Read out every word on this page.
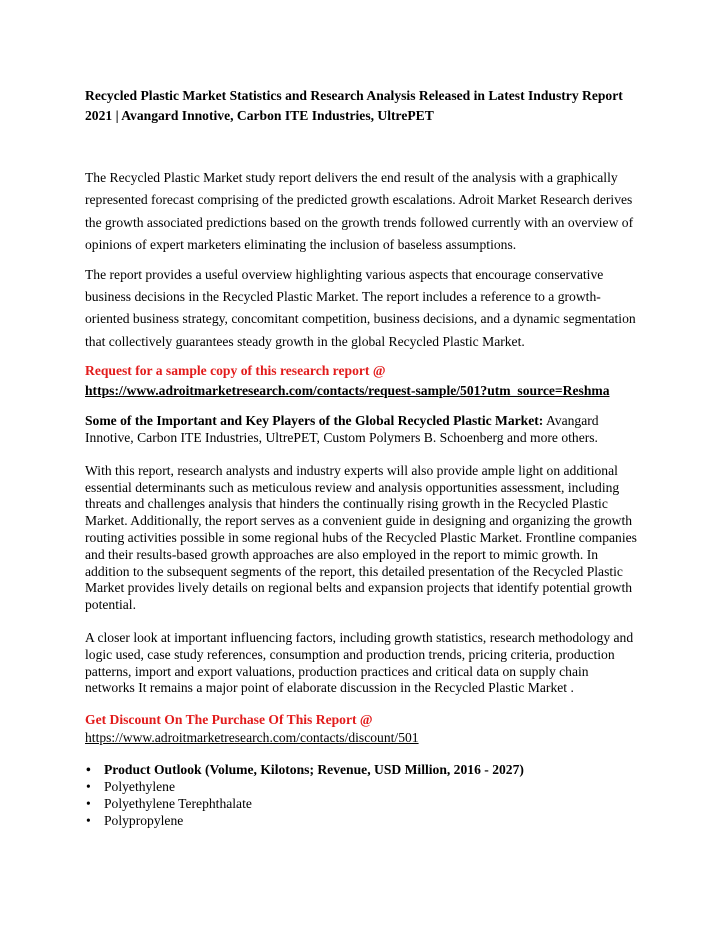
Recycled Plastic Market Statistics and Research Analysis Released in Latest Industry Report 2021 | Avangard Innotive, Carbon ITE Industries, UltrePET

The Recycled Plastic Market study report delivers the end result of the analysis with a graphically represented forecast comprising of the predicted growth escalations. Adroit Market Research derives the growth associated predictions based on the growth trends followed currently with an overview of opinions of expert marketers eliminating the inclusion of baseless assumptions.

The report provides a useful overview highlighting various aspects that encourage conservative business decisions in the Recycled Plastic Market. The report includes a reference to a growth-oriented business strategy, concomitant competition, business decisions, and a dynamic segmentation that collectively guarantees steady growth in the global Recycled Plastic Market.

Request for a sample copy of this research report @
https://www.adroitmarketresearch.com/contacts/request-sample/501?utm_source=Reshma

Some of the Important and Key Players of the Global Recycled Plastic Market: Avangard Innotive, Carbon ITE Industries, UltrePET, Custom Polymers B. Schoenberg and more others.

With this report, research analysts and industry experts will also provide ample light on additional essential determinants such as meticulous review and analysis opportunities assessment, including threats and challenges analysis that hinders the continually rising growth in the Recycled Plastic Market. Additionally, the report serves as a convenient guide in designing and organizing the growth routing activities possible in some regional hubs of the Recycled Plastic Market. Frontline companies and their results-based growth approaches are also employed in the report to mimic growth. In addition to the subsequent segments of the report, this detailed presentation of the Recycled Plastic Market provides lively details on regional belts and expansion projects that identify potential growth potential.

A closer look at important influencing factors, including growth statistics, research methodology and logic used, case study references, consumption and production trends, pricing criteria, production patterns, import and export valuations, production practices and critical data on supply chain networks It remains a major point of elaborate discussion in the Recycled Plastic Market .

Get Discount On The Purchase Of This Report @
https://www.adroitmarketresearch.com/contacts/discount/501
• Product Outlook (Volume, Kilotons; Revenue, USD Million, 2016 - 2027)
• Polyethylene
• Polyethylene Terephthalate
• Polypropylene
